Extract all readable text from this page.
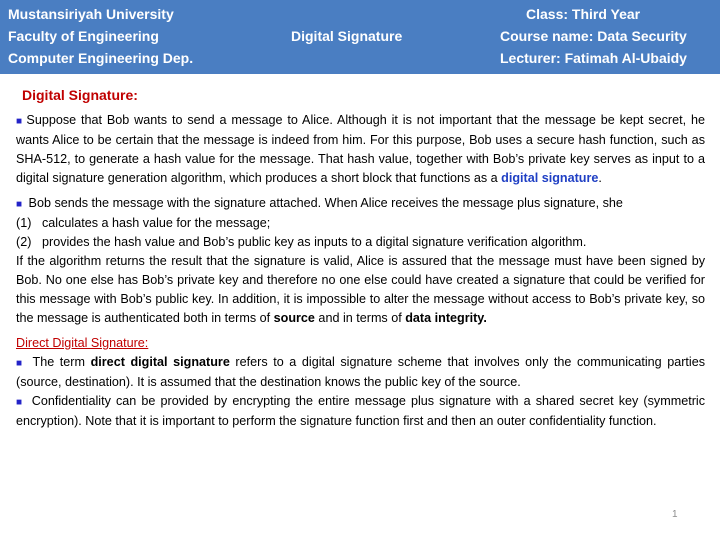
Mustansiriyah University
Faculty of Engineering
Computer Engineering Dep.
Digital Signature
Class: Third Year
Course name: Data Security
Lecturer: Fatimah Al-Ubaidy

Digital Signature:

■ Suppose that Bob wants to send a message to Alice. Although it is not important that the message be kept secret, he wants Alice to be certain that the message is indeed from him. For this purpose, Bob uses a secure hash function, such as SHA-512, to generate a hash value for the message. That hash value, together with Bob’s private key serves as input to a digital signature generation algorithm, which produces a short block that functions as a digital signature.

■ Bob sends the message with the signature attached. When Alice receives the message plus signature, she

(1) calculates a hash value for the message;

(2) provides the hash value and Bob’s public key as inputs to a digital signature verification algorithm.

If the algorithm returns the result that the signature is valid, Alice is assured that the message must have been signed by Bob. No one else has Bob’s private key and therefore no one else could have created a signature that could be verified for this message with Bob’s public key. In addition, it is impossible to alter the message without access to Bob’s private key, so the message is authenticated both in terms of source and in terms of data integrity.

Direct Digital Signature:

■ The term direct digital signature refers to a digital signature scheme that involves only the communicating parties (source, destination). It is assumed that the destination knows the public key of the source.

■ Confidentiality can be provided by encrypting the entire message plus signature with a shared secret key (symmetric encryption). Note that it is important to perform the signature function first and then an outer confidentiality function.

1
